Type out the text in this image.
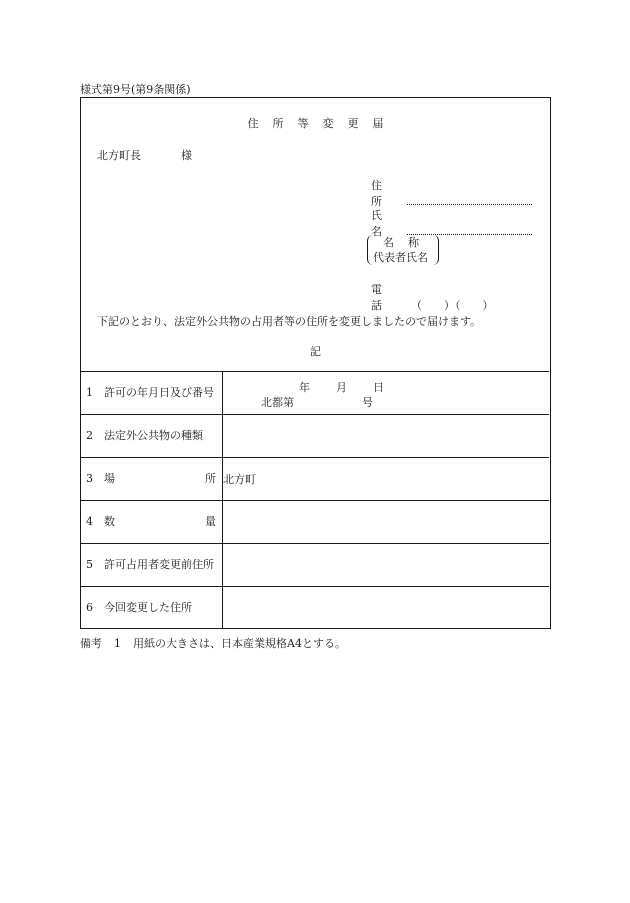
様式第9号(第9条関係)
住所等変更届
北方町長	様
住所
氏名
名称
代表者氏名
電話 （　　）（　　）
下記のとおり、法定外公共物の占用者等の住所を変更しましたので届けます。
記
1 許可の年月日及び番号	年 月 日
北都第 号

2 法定外公共物の種類	

3 場 所	北方町

4 数 量	

5 許可占用者変更前住所	

6 今回変更した住所	

備考 1 用紙の大きさは、日本産業規格A4とする。
